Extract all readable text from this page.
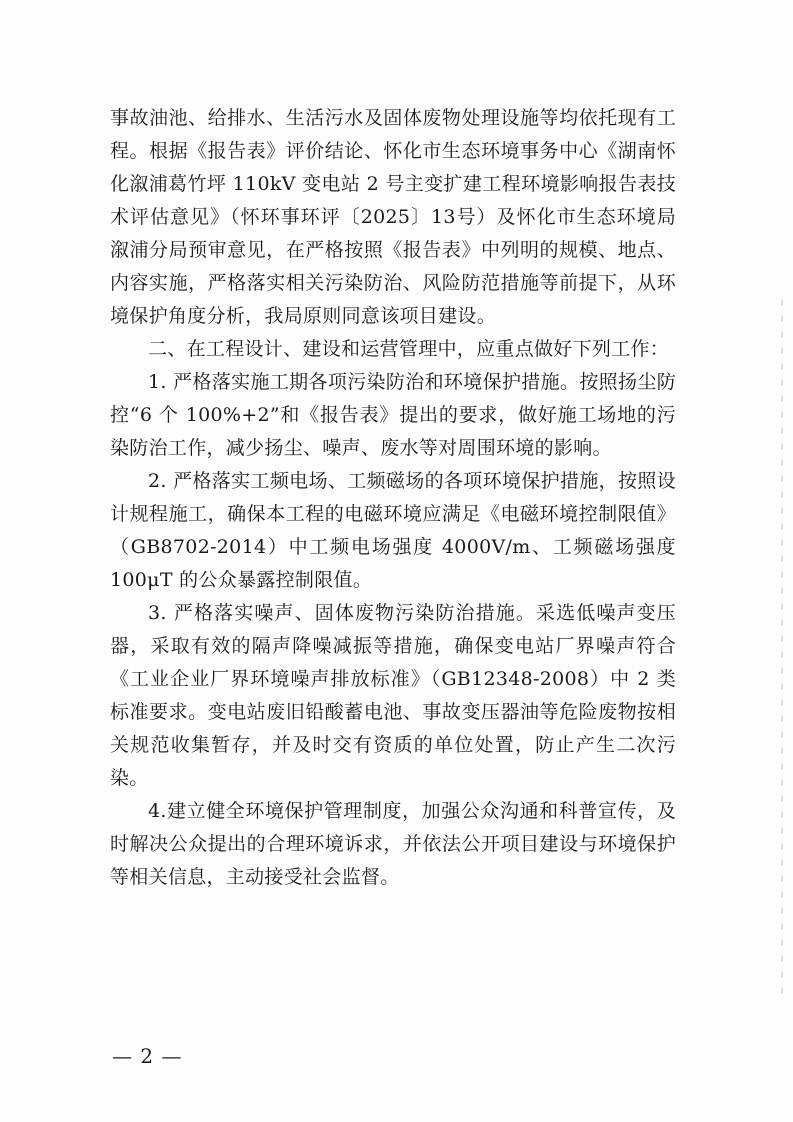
事故油池、给排水、生活污水及固体废物处理设施等均依托现有工程。根据《报告表》评价结论、怀化市生态环境事务中心《湖南怀化溆浦葛竹坪 110kV 变电站 2 号主变扩建工程环境影响报告表技术评估意见》（怀环事环评〔2025〕13号）及怀化市生态环境局溆浦分局预审意见，在严格按照《报告表》中列明的规模、地点、内容实施，严格落实相关污染防治、风险防范措施等前提下，从环境保护角度分析，我局原则同意该项目建设。

二、在工程设计、建设和运营管理中，应重点做好下列工作：

1. 严格落实施工期各项污染防治和环境保护措施。按照扬尘防控“6 个 100%+2”和《报告表》提出的要求，做好施工场地的污染防治工作，减少扬尘、噪声、废水等对周围环境的影响。

2. 严格落实工频电场、工频磁场的各项环境保护措施，按照设计规程施工，确保本工程的电磁环境应满足《电磁环境控制限值》（GB8702-2014）中工频电场强度 4000V/m、工频磁场强度 100μT 的公众暴露控制限值。

3. 严格落实噪声、固体废物污染防治措施。采选低噪声变压器，采取有效的隔声降噪减振等措施，确保变电站厂界噪声符合《工业企业厂界环境噪声排放标准》（GB12348-2008）中 2 类标准要求。变电站废旧铅酸蓄电池、事故变压器油等危险废物按相关规范收集暂存，并及时交有资质的单位处置，防止产生二次污染。

4.建立健全环境保护管理制度，加强公众沟通和科普宣传，及时解决公众提出的合理环境诉求，并依法公开项目建设与环境保护等相关信息，主动接受社会监督。

— 2 —
